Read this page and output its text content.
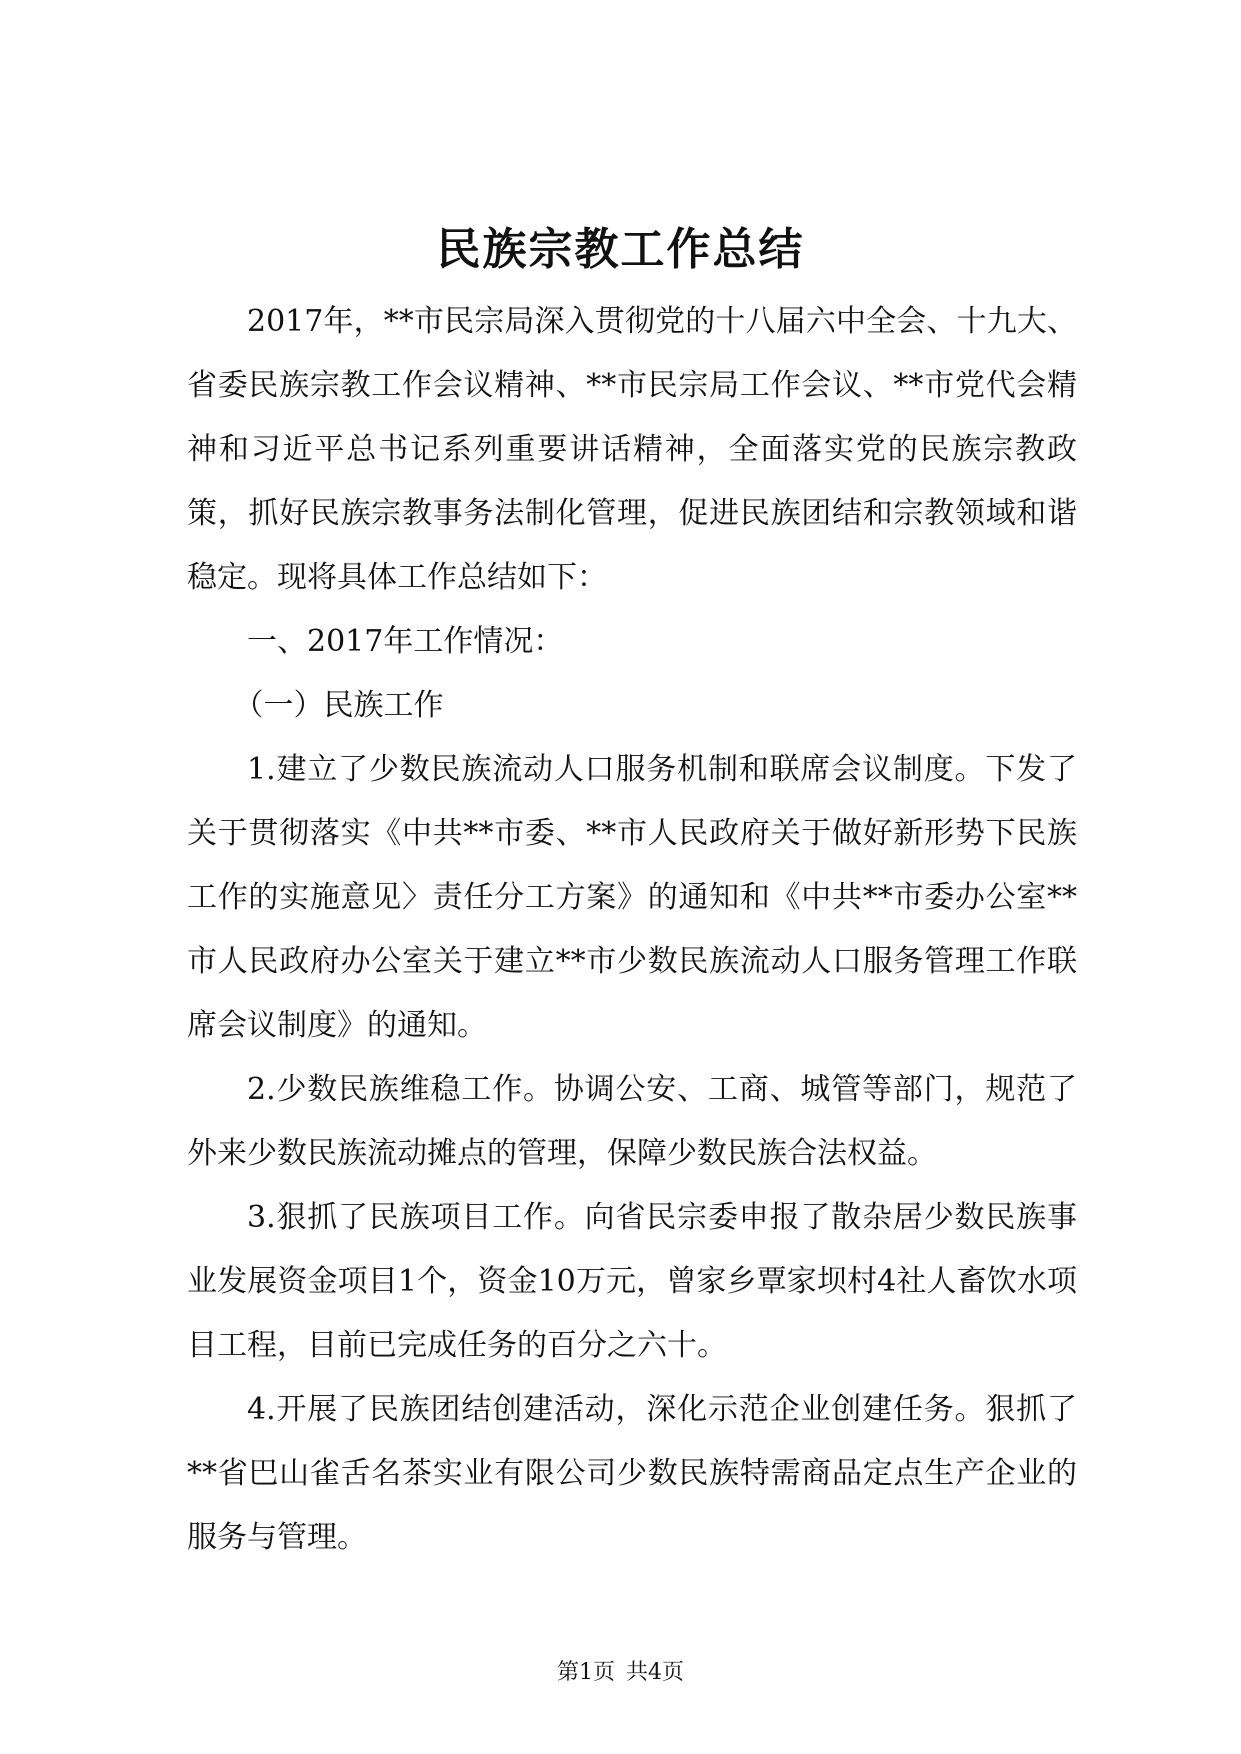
民族宗教工作总结

2017年，**市民宗局深入贯彻党的十八届六中全会、十九大、省委民族宗教工作会议精神、**市民宗局工作会议、**市党代会精神和习近平总书记系列重要讲话精神，全面落实党的民族宗教政策，抓好民族宗教事务法制化管理，促进民族团结和宗教领域和谐稳定。现将具体工作总结如下：

一、2017年工作情况：

（一）民族工作

1.建立了少数民族流动人口服务机制和联席会议制度。下发了关于贯彻落实《中共**市委、**市人民政府关于做好新形势下民族工作的实施意见〉责任分工方案》的通知和《中共**市委办公室**市人民政府办公室关于建立**市少数民族流动人口服务管理工作联席会议制度》的通知。

2.少数民族维稳工作。协调公安、工商、城管等部门，规范了外来少数民族流动摊点的管理，保障少数民族合法权益。

3.狠抓了民族项目工作。向省民宗委申报了散杂居少数民族事业发展资金项目1个，资金10万元，曾家乡覃家坝村4社人畜饮水项目工程，目前已完成任务的百分之六十。

4.开展了民族团结创建活动，深化示范企业创建任务。狠抓了**省巴山雀舌名茶实业有限公司少数民族特需商品定点生产企业的服务与管理。

第1页 共4页
